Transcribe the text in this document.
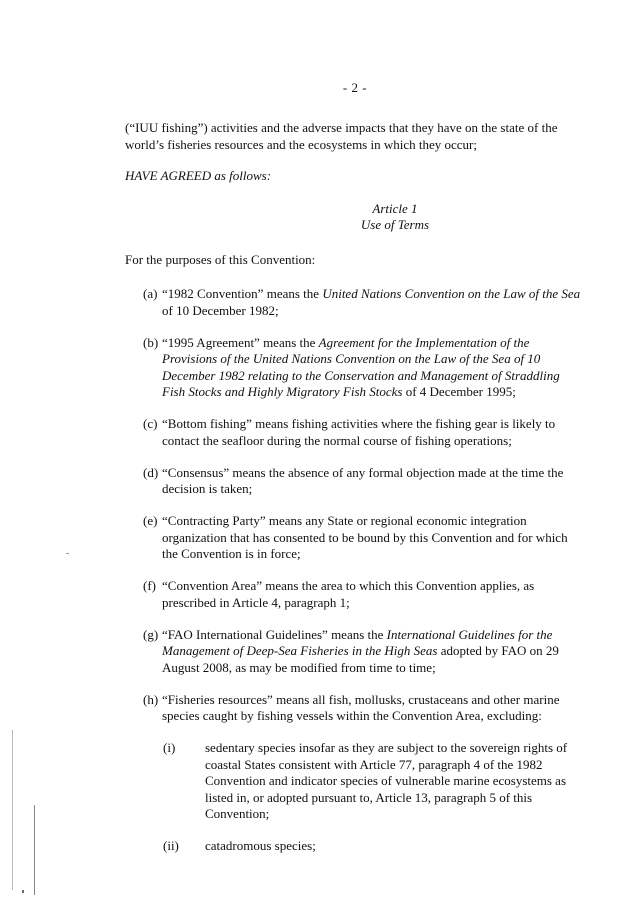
- 2 -

(“IUU fishing”) activities and the adverse impacts that they have on the state of the world’s fisheries resources and the ecosystems in which they occur;

HAVE AGREED as follows:

Article 1
Use of Terms

For the purposes of this Convention:

(a) “1982 Convention” means the United Nations Convention on the Law of the Sea of 10 December 1982;
(b) “1995 Agreement” means the Agreement for the Implementation of the Provisions of the United Nations Convention on the Law of the Sea of 10 December 1982 relating to the Conservation and Management of Straddling Fish Stocks and Highly Migratory Fish Stocks of 4 December 1995;
(c) “Bottom fishing” means fishing activities where the fishing gear is likely to contact the seafloor during the normal course of fishing operations;
(d) “Consensus” means the absence of any formal objection made at the time the decision is taken;
(e) “Contracting Party” means any State or regional economic integration organization that has consented to be bound by this Convention and for which the Convention is in force;
(f) “Convention Area” means the area to which this Convention applies, as prescribed in Article 4, paragraph 1;
(g) “FAO International Guidelines” means the International Guidelines for the Management of Deep-Sea Fisheries in the High Seas adopted by FAO on 29 August 2008, as may be modified from time to time;
(h) “Fisheries resources” means all fish, mollusks, crustaceans and other marine species caught by fishing vessels within the Convention Area, excluding:
(i) sedentary species insofar as they are subject to the sovereign rights of coastal States consistent with Article 77, paragraph 4 of the 1982 Convention and indicator species of vulnerable marine ecosystems as listed in, or adopted pursuant to, Article 13, paragraph 5 of this Convention;
(ii) catadromous species;
